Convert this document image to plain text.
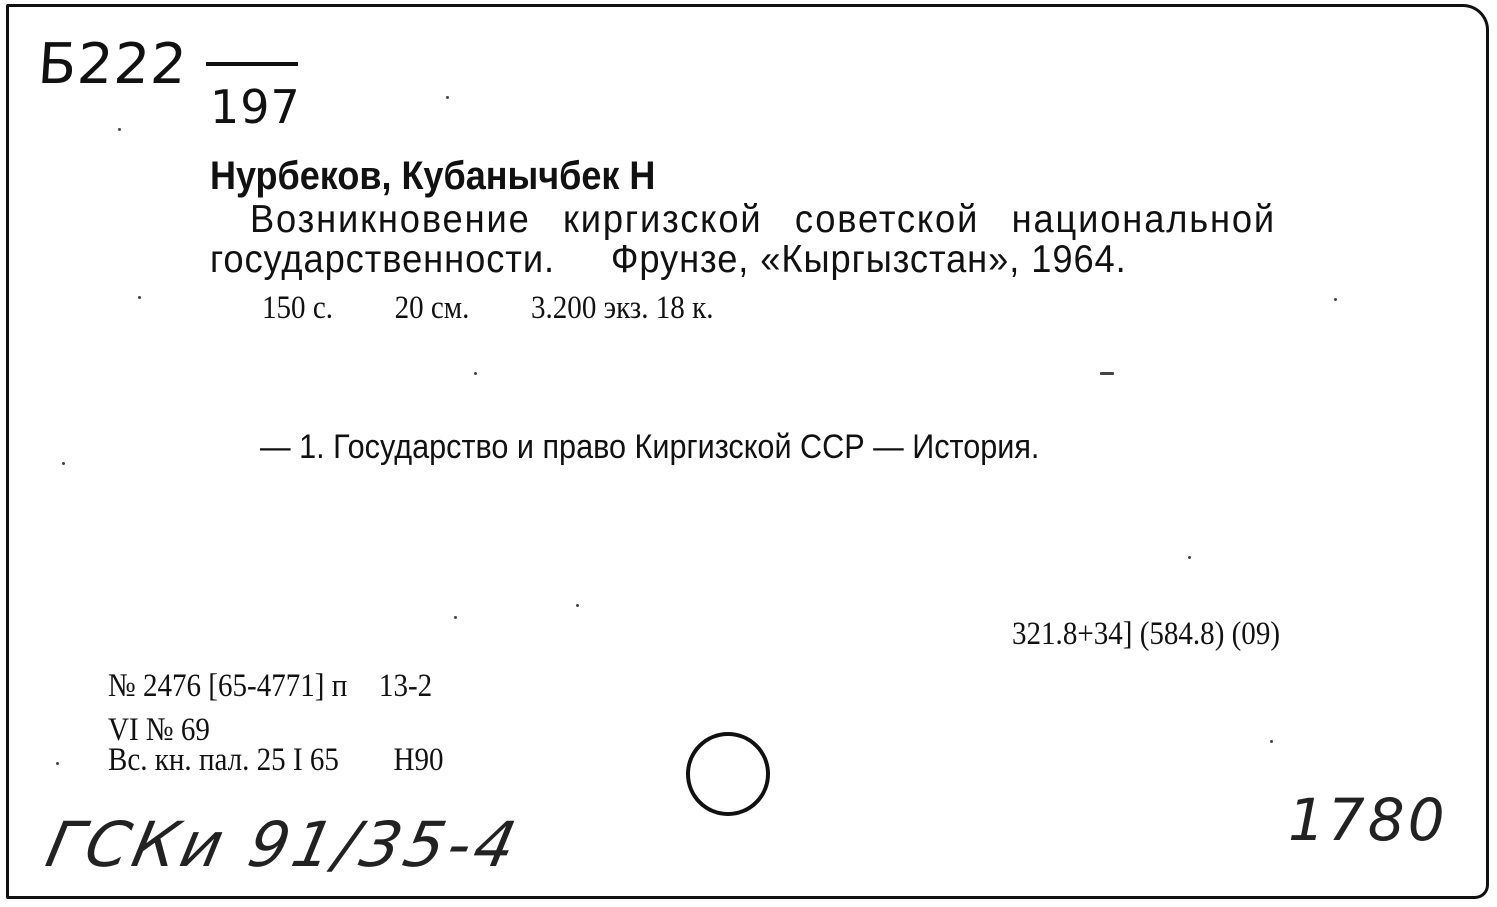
Б222
197
Нурбеков, Кубанычбек Н
Возникновение киргизской советской национальной
государственности. Фрунзе, «Кыргызстан», 1964.
150 с. 20 см. 3.200 экз. 18 к.
— 1. Государство и право Киргизской ССР — История.
321.8+34] (584.8) (09)
№ 2476 [65-4771] п 13-2
VI № 69
Вс. кн. пал. 25 I 65 Н90
ГСКи 91/35-4	1780
